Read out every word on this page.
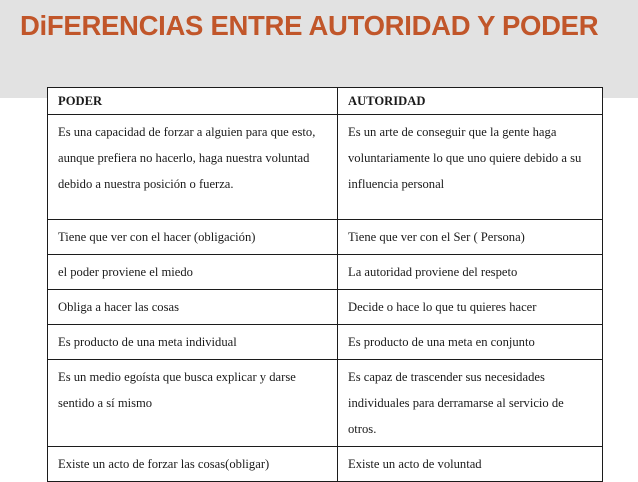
DiFERENCIAS ENTRE AUTORIDAD Y PODER
PODER	AUTORIDAD
Es una capacidad de forzar a alguien para que esto, aunque prefiera no hacerlo, haga nuestra voluntad debido a nuestra posición o fuerza.	Es un arte de conseguir que la gente haga voluntariamente lo que uno quiere debido a su influencia personal
Tiene que ver con el hacer (obligación)	Tiene que ver con el Ser ( Persona)
el poder proviene el miedo	La autoridad proviene del respeto
Obliga a hacer las cosas	Decide o hace lo que tu quieres hacer
Es producto de una meta individual	Es producto de una meta en conjunto
Es un medio egoísta que busca explicar y darse sentido a sí mismo	Es capaz de trascender sus necesidades individuales para derramarse al servicio de otros.
Existe un acto de forzar las cosas(obligar)	Existe un acto de voluntad
